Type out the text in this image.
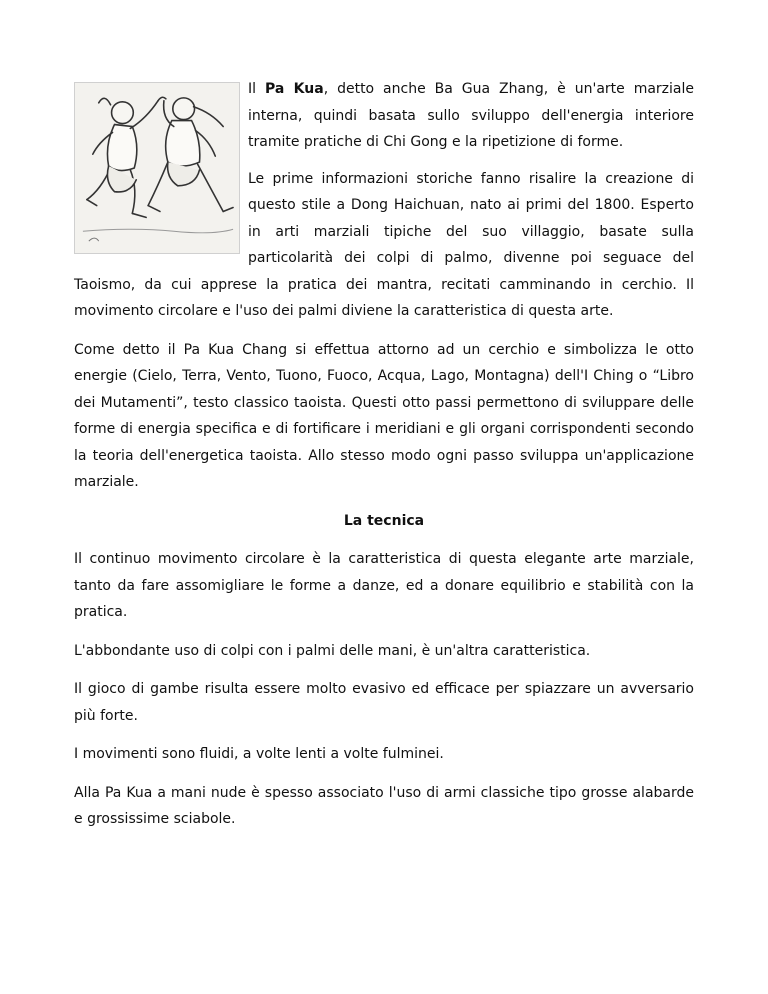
Il Pa Kua, detto anche Ba Gua Zhang, è un'arte marziale interna, quindi basata sullo sviluppo dell'energia interiore tramite pratiche di Chi Gong e la ripetizione di forme.

Le prime informazioni storiche fanno risalire la creazione di questo stile a Dong Haichuan, nato ai primi del 1800. Esperto in arti marziali tipiche del suo villaggio, basate sulla particolarità dei colpi di palmo, divenne poi seguace del Taoismo, da cui apprese la pratica dei mantra, recitati camminando in cerchio. Il movimento circolare e l'uso dei palmi diviene la caratteristica di questa arte.

Come detto il Pa Kua Chang si effettua attorno ad un cerchio e simbolizza le otto energie (Cielo, Terra, Vento, Tuono, Fuoco, Acqua, Lago, Montagna) dell'I Ching o “Libro dei Mutamenti”, testo classico taoista. Questi otto passi permettono di sviluppare delle forme di energia specifica e di fortificare i meridiani e gli organi corrispondenti secondo la teoria dell'energetica taoista. Allo stesso modo ogni passo sviluppa un'applicazione marziale.

La tecnica

Il continuo movimento circolare è la caratteristica di questa elegante arte marziale, tanto da fare assomigliare le forme a danze, ed a donare equilibrio e stabilità con la pratica.

L'abbondante uso di colpi con i palmi delle mani, è un'altra caratteristica.

Il gioco di gambe risulta essere molto evasivo ed efficace per spiazzare un avversario più forte.

I movimenti sono fluidi, a volte lenti a volte fulminei.

Alla Pa Kua a mani nude è spesso associato l'uso di armi classiche tipo grosse alabarde e grossissime sciabole.
